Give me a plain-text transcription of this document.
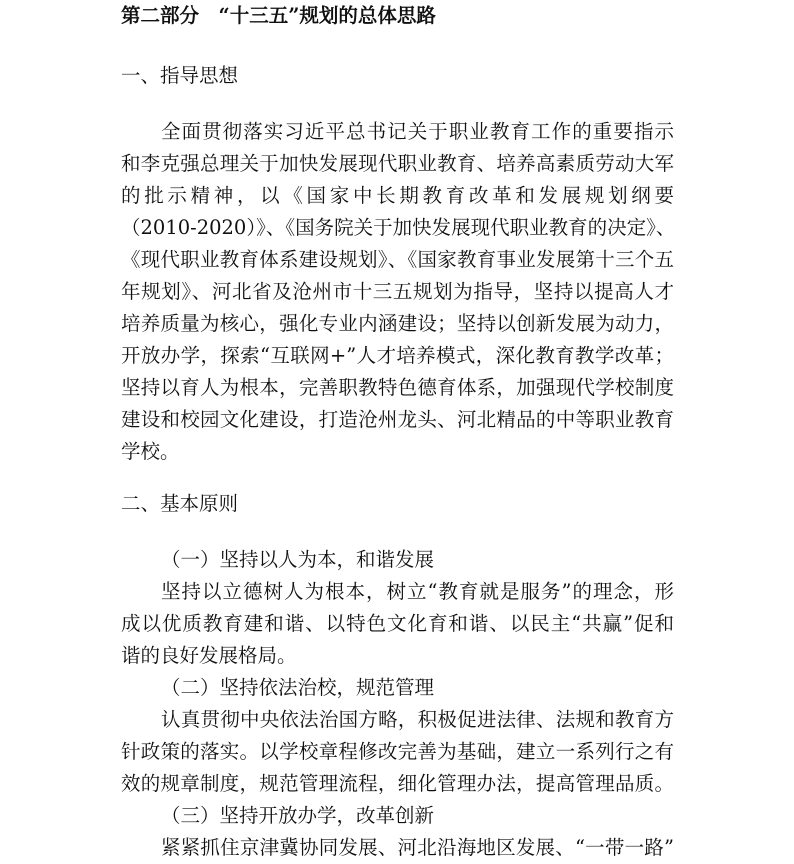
第二部分　“十三五”规划的总体思路

一、指导思想

全面贯彻落实习近平总书记关于职业教育工作的重要指示

和李克强总理关于加快发展现代职业教育、培养高素质劳动大军

的批示精神，以《国家中长期教育改革和发展规划纲要

（2010-2020）》、《国务院关于加快发展现代职业教育的决定》、

《现代职业教育体系建设规划》、《国家教育事业发展第十三个五

年规划》、河北省及沧州市十三五规划为指导，坚持以提高人才

培养质量为核心，强化专业内涵建设；坚持以创新发展为动力，

开放办学，探索“互联网+”人才培养模式，深化教育教学改革；

坚持以育人为根本，完善职教特色德育体系，加强现代学校制度

建设和校园文化建设，打造沧州龙头、河北精品的中等职业教育

学校。

二、基本原则

（一）坚持以人为本，和谐发展

坚持以立德树人为根本，树立“教育就是服务”的理念，形

成以优质教育建和谐、以特色文化育和谐、以民主“共赢”促和

谐的良好发展格局。

（二）坚持依法治校，规范管理

认真贯彻中央依法治国方略，积极促进法律、法规和教育方

针政策的落实。以学校章程修改完善为基础，建立一系列行之有

效的规章制度，规范管理流程，细化管理办法，提高管理品质。

（三）坚持开放办学，改革创新

紧紧抓住京津冀协同发展、河北沿海地区发展、“一带一路”
